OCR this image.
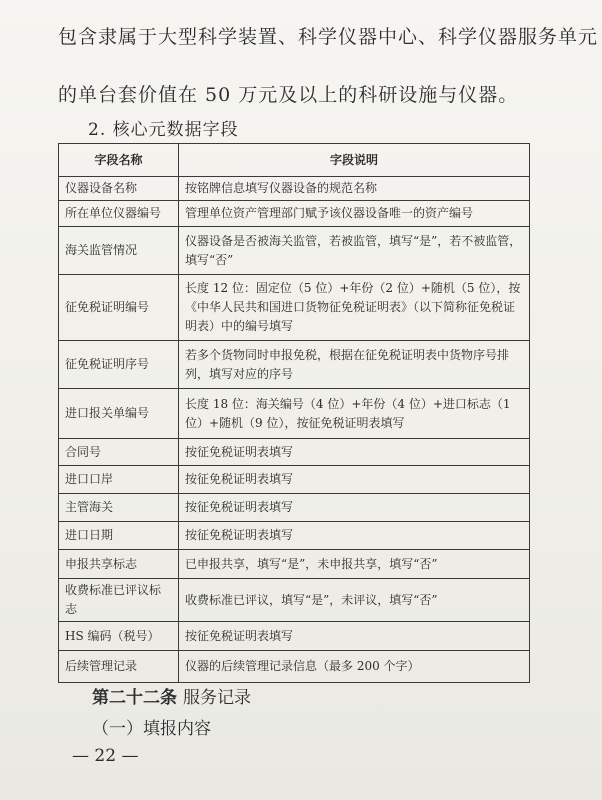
包含隶属于大型科学装置、科学仪器中心、科学仪器服务单元
的单台套价值在 50 万元及以上的科研设施与仪器。
2. 核心元数据字段
字段名称	字段说明
仪器设备名称	按铭牌信息填写仪器设备的规范名称
所在单位仪器编号	管理单位资产管理部门赋予该仪器设备唯一的资产编号
海关监管情况	仪器设备是否被海关监管，若被监管，填写“是”，若不被监管，填写“否”
征免税证明编号	长度 12 位：固定位（5 位）+年份（2 位）+随机（5 位），按《中华人民共和国进口货物征免税证明表》（以下简称征免税证明表）中的编号填写
征免税证明序号	若多个货物同时申报免税，根据在征免税证明表中货物序号排列，填写对应的序号
进口报关单编号	长度 18 位：海关编号（4 位）+年份（4 位）+进口标志（1 位）+随机（9 位），按征免税证明表填写
合同号	按征免税证明表填写
进口口岸	按征免税证明表填写
主管海关	按征免税证明表填写
进口日期	按征免税证明表填写
申报共享标志	已申报共享，填写“是”，未申报共享，填写“否”
收费标准已评议标志	收费标准已评议，填写“是”，未评议，填写“否”
HS 编码（税号）	按征免税证明表填写
后续管理记录	仪器的后续管理记录信息（最多 200 个字）
第二十二条 服务记录
（一）填报内容
— 22 —
